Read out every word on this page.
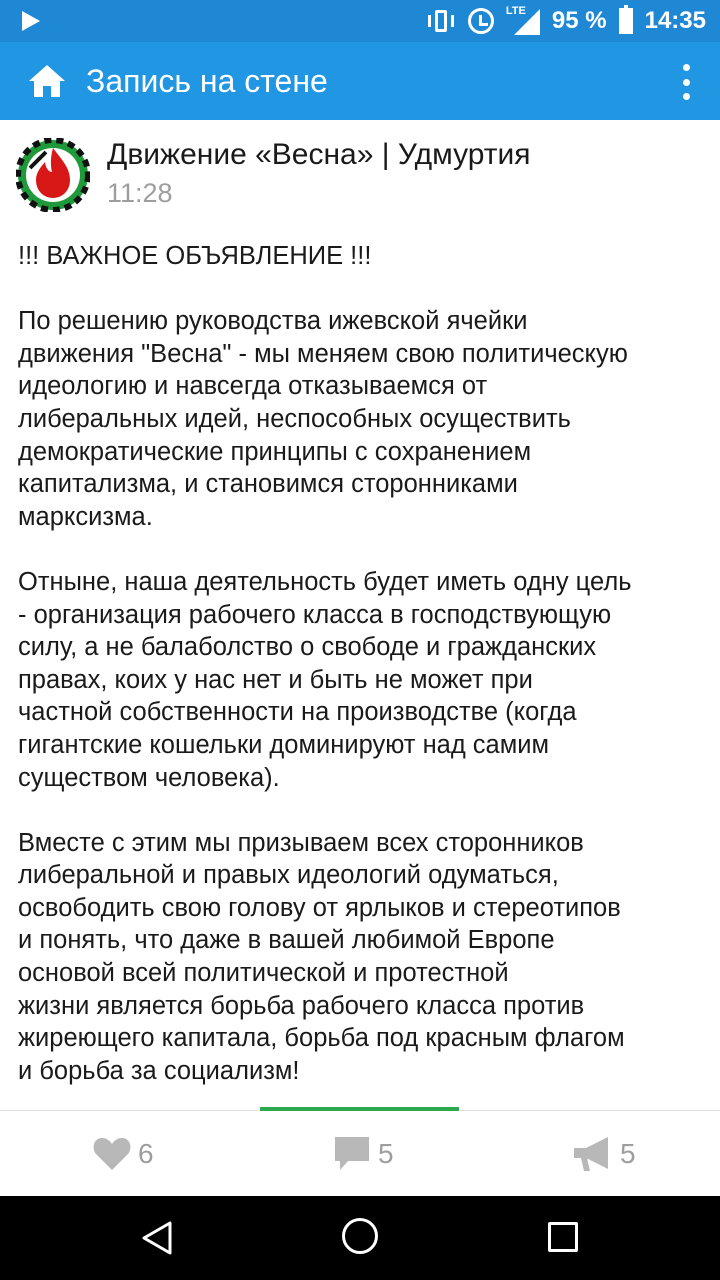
LTE 95 % 14:35
Запись на стене
Движение «Весна» | Удмуртия
11:28

!!! ВАЖНОЕ ОБЪЯВЛЕНИЕ !!!

По решению руководства ижевской ячейки
движения "Весна" - мы меняем свою политическую
идеологию и навсегда отказываемся от
либеральных идей, неспособных осуществить
демократические принципы с сохранением
капитализма, и становимся сторонниками
марксизма.

Отныне, наша деятельность будет иметь одну цель
- организация рабочего класса в господствующую
силу, а не балаболство о свободе и гражданских
правах, коих у нас нет и быть не может при
частной собственности на производстве (когда
гигантские кошельки доминируют над самим
существом человека).

Вместе с этим мы призываем всех сторонников
либеральной и правых идеологий одуматься,
освободить свою голову от ярлыков и стереотипов
и понять, что даже в вашей любимой Европе
основой всей политической и протестной
жизни является борьба рабочего класса против
жиреющего капитала, борьба под красным флагом
и борьба за социализм!

6	5	5
